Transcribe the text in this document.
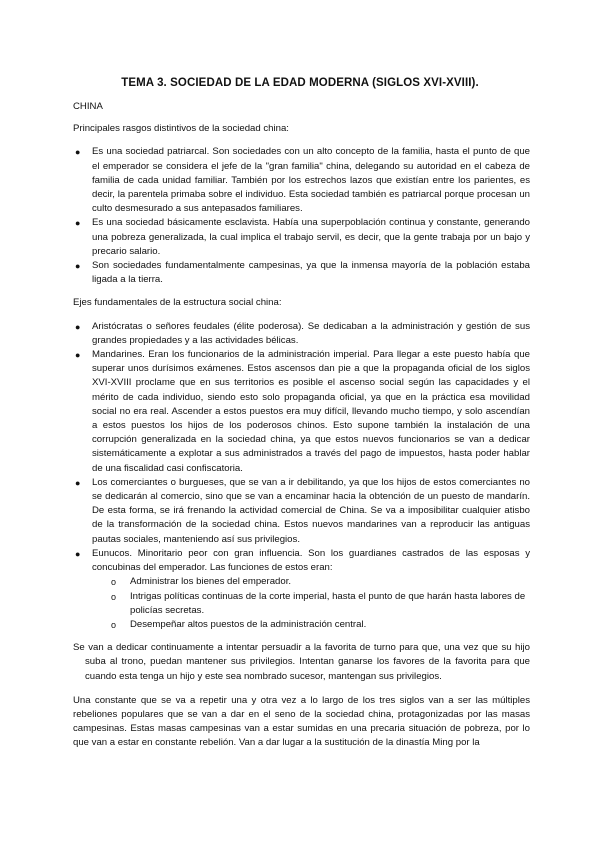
TEMA 3. SOCIEDAD DE LA EDAD MODERNA (SIGLOS XVI-XVIII).

CHINA

Principales rasgos distintivos de la sociedad china:

● Es una sociedad patriarcal. Son sociedades con un alto concepto de la familia, hasta el punto de que el emperador se considera el jefe de la "gran familia" china, delegando su autoridad en el cabeza de familia de cada unidad familiar. También por los estrechos lazos que existían entre los parientes, es decir, la parentela primaba sobre el individuo. Esta sociedad también es patriarcal porque procesan un culto desmesurado a sus antepasados familiares.
● Es una sociedad básicamente esclavista. Había una superpoblación continua y constante, generando una pobreza generalizada, la cual implica el trabajo servil, es decir, que la gente trabaja por un bajo y precario salario.
● Son sociedades fundamentalmente campesinas, ya que la inmensa mayoría de la población estaba ligada a la tierra.

Ejes fundamentales de la estructura social china:

● Aristócratas o señores feudales (élite poderosa). Se dedicaban a la administración y gestión de sus grandes propiedades y a las actividades bélicas.
● Mandarines. Eran los funcionarios de la administración imperial. Para llegar a este puesto había que superar unos durísimos exámenes. Estos ascensos dan pie a que la propaganda oficial de los siglos XVI-XVIII proclame que en sus territorios es posible el ascenso social según las capacidades y el mérito de cada individuo, siendo esto solo propaganda oficial, ya que en la práctica esa movilidad social no era real. Ascender a estos puestos era muy difícil, llevando mucho tiempo, y solo ascendían a estos puestos los hijos de los poderosos chinos. Esto supone también la instalación de una corrupción generalizada en la sociedad china, ya que estos nuevos funcionarios se van a dedicar sistemáticamente a explotar a sus administrados a través del pago de impuestos, hasta poder hablar de una fiscalidad casi confiscatoria.
● Los comerciantes o burgueses, que se van a ir debilitando, ya que los hijos de estos comerciantes no se dedicarán al comercio, sino que se van a encaminar hacia la obtención de un puesto de mandarín. De esta forma, se irá frenando la actividad comercial de China. Se va a imposibilitar cualquier atisbo de la transformación de la sociedad china. Estos nuevos mandarines van a reproducir las antiguas pautas sociales, manteniendo así sus privilegios.
● Eunucos. Minoritario peor con gran influencia. Son los guardianes castrados de las esposas y concubinas del emperador. Las funciones de estos eran:
o Administrar los bienes del emperador.
o Intrigas políticas continuas de la corte imperial, hasta el punto de que harán hasta labores de policías secretas.
o Desempeñar altos puestos de la administración central.

Se van a dedicar continuamente a intentar persuadir a la favorita de turno para que, una vez que su hijo suba al trono, puedan mantener sus privilegios. Intentan ganarse los favores de la favorita para que cuando esta tenga un hijo y este sea nombrado sucesor, mantengan sus privilegios.

Una constante que se va a repetir una y otra vez a lo largo de los tres siglos van a ser las múltiples rebeliones populares que se van a dar en el seno de la sociedad china, protagonizadas por las masas campesinas. Estas masas campesinas van a estar sumidas en una precaria situación de pobreza, por lo que van a estar en constante rebelión. Van a dar lugar a la sustitución de la dinastía Ming por la
